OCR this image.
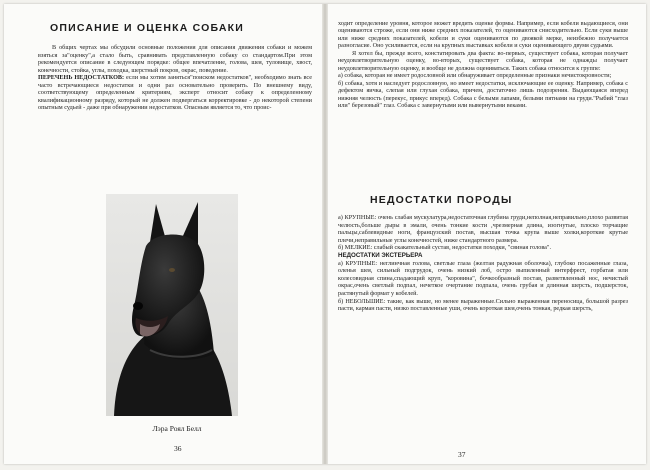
ОПИСАНИЕ И ОЦЕНКА СОБАКИ

В общих чертах мы обсудили основные положения для описания движения собаки и можем взяться за"оценку",а стало быть, сравнивать представленную собаку со стандартом.При этом рекомендуется описание в следующем порядке: общее впечатление, голова, шея, туловище, хвост, конечности, стойка, углы, походка, шерстный покров, окрас, поведение.

ПЕРЕЧЕНЬ НЕДОСТАТКОВ: если мы хотим заняться"поиском недостатков", необходимо знать все часто встречающиеся недостатки и одни раз основательно проверить. По внешнему виду, соответствующему определенным критериям, эксперт относит собаку к определенному квалификационному разряду, который не должен подвергаться корректировке - до некоторой степени опытным судьей - даже при обнаружении недостатков. Опасным является то, что проис-

Лэра Роял Белл
36

ходит определение уровня, которое может вредить оценке формы. Например, если кобели выдающиеся, они оцениваются строже, если они ниже средних показателей, то оцениваются снисходительно. Если суки выше или ниже средних показателей, кобели и суки оцениваются по двоякой мерке, неизбежно получается разногласие. Оно усиливается, если на крупных выставках кобели и суки оценивающего двумя судьями.

Я хотел бы, прежде всего, констатировать два факта: во-первых, существует собака, которая получает неудовлетворительную оценку, во-вторых, существует собака, которая не однажды получает неудовлетворительную оценку, и вообще не должна оцениваться. Таких собака относится к группе:

а) собака, которая не имеет родословной или обнаруживает определенные признаки нечистокровности;

б) собака, хотя и наследует родословную, но имеет недостатки, исключающие ее оценку. Например, собака с дефектом яичка, слепая или глухая собака, причем, достаточно лишь подозрения. Выдающаяся вперед нижняя челюсть (перекус, прикус вперед). Собака с белыми лапами, белыми пятнами на груди."Рыбий "глаз или" березовый" глаз. Собака с завернутыми или вывернутыми веками.

НЕДОСТАТКИ ПОРОДЫ

а) КРУПНЫЕ: очень слабая мускулатура,недостаточная глубина груди,неполная,неправильно,плохо развитая челюсть,больше дыры в эмали, очень тонкие кости ,чрезмерная длина, изогнутые, плоско торчащие пальцы,саблевидные ноги, французский постав, высшая точка крупа выше холки,короткие крутые плечи,неправильные углы конечностей, ниже стандартного размера.

б) МЕЛКИЕ: слабый скакательный сустав, недостатки походки, "свиная голова".

НЕДОСТАТКИ ЭКСТЕРЬЕРА

а) КРУПНЫЕ: неглинчная голова, светлые глаза (желтая радужная оболочка), глубоко посаженные глаза, оленья шея, сильный подгрудок, очень низкий лоб, остро выпиленный интерфрест, горбатая или колесовидная спина,спадающий круп, "коровина", бочкообразный постав, разветвленный нос, нечистый окрас,очень светлый подпал, нечеткое очертание подпала, очень грубая и длинная шерсть, подшерсток, растянутый формат у кобелей.

б) НЕБОЛЬШИЕ: такие, как выше, но менее выраженные.Сильно выраженная переносица, большой разрез пасти, карман пасти, низко поставленные уши, очень короткая шея,очень тонкая, редкая шерсть,

37
